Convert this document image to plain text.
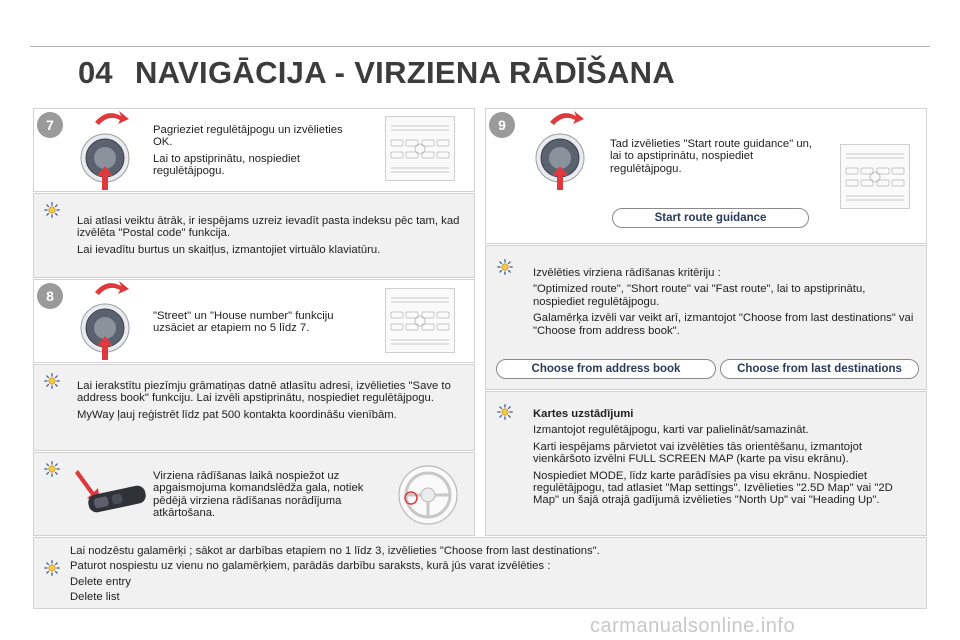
04 NAVIGĀCIJA - VIRZIENA RĀDĪŠANA
7	Pagrieziet regulētājpogu un izvēlieties OK.

Lai to apstiprinātu, nospiediet regulētājpogu.

Lai atlasi veiktu ātrāk, ir iespējams uzreiz ievadīt pasta indeksu pēc tam, kad izvēlēta "Postal code" funkcija.

Lai ievadītu burtus un skaitļus, izmantojiet virtuālo klaviatūru.

8

"Street" un "House number" funkciju uzsāciet ar etapiem no 5 līdz 7.

Lai ierakstītu piezīmju grāmatiņas datnē atlasītu adresi, izvēlieties "Save to address book" funkciju. Lai izvēli apstiprinātu, nospiediet regulētājpogu.

MyWay ļauj reģistrēt līdz pat 500 kontakta koordināšu vienībām.

Virziena rādīšanas laikā nospiežot uz apgaismojuma komandslēdža gala, notiek pēdējā virziena rādīšanas norādījuma atkārtošana.

9

Tad izvēlieties "Start route guidance" un, lai to apstiprinātu, nospiediet regulētājpogu.

Start route guidance

Izvēlēties virziena rādīšanas kritēriju :

"Optimized route", "Short route" vai "Fast route", lai to apstiprinātu, nospiediet regulētājpogu.

Galamērķa izvēli var veikt arī, izmantojot "Choose from last destinations" vai "Choose from address book".

Choose from address book	Choose from last destinations

Kartes uzstādījumi

Izmantojot regulētājpogu, karti var palielināt/samazināt.

Karti iespējams pārvietot vai izvēlēties tās orientēšanu, izmantojot vienkāršoto izvēlni FULL SCREEN MAP (karte pa visu ekrānu).

Nospiediet MODE, līdz karte parādīsies pa visu ekrānu. Nospiediet regulētājpogu, tad atlasiet "Map settings". Izvēlieties "2.5D Map" vai "2D Map" un šajā otrajā gadījumā izvēlieties "North Up" vai "Heading Up".

Lai nodzēstu galamērķi ; sākot ar darbības etapiem no 1 līdz 3, izvēlieties "Choose from last destinations".

Paturot nospiestu uz vienu no galamērķiem, parādās darbību saraksts, kurā jūs varat izvēlēties :

Delete entry

Delete list

carmanualsonline.info
